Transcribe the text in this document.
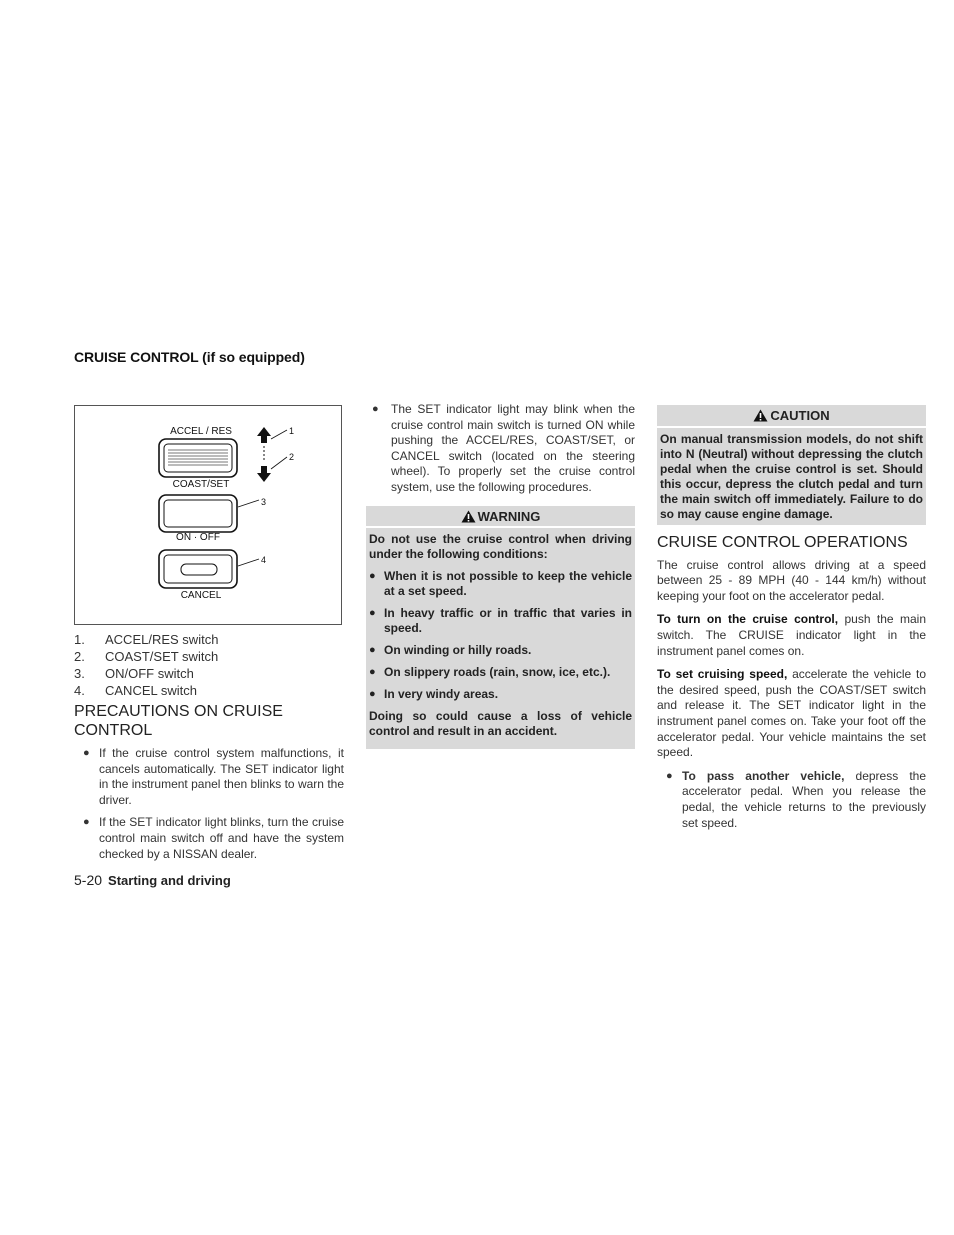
CRUISE CONTROL (if so equipped)
ACCEL / RES
COAST/SET
1
2
3
ON · OFF
4
CANCEL
1.	ACCEL/RES switch
2.	COAST/SET switch
3.	ON/OFF switch
4.	CANCEL switch
PRECAUTIONS ON CRUISE CONTROL
● If the cruise control system malfunctions, it cancels automatically. The SET indicator light in the instrument panel then blinks to warn the driver.
● If the SET indicator light blinks, turn the cruise control main switch off and have the system checked by a NISSAN dealer.
● The SET indicator light may blink when the cruise control main switch is turned ON while pushing the ACCEL/RES, COAST/SET, or CANCEL switch (located on the steering wheel). To properly set the cruise control system, use the following procedures.
WARNING

Do not use the cruise control when driving under the following conditions:

● When it is not possible to keep the vehicle at a set speed.
● In heavy traffic or in traffic that varies in speed.
● On winding or hilly roads.
● On slippery roads (rain, snow, ice, etc.).
● In very windy areas.

Doing so could cause a loss of vehicle control and result in an accident.

CAUTION

On manual transmission models, do not shift into N (Neutral) without depressing the clutch pedal when the cruise control is set. Should this occur, depress the clutch pedal and turn the main switch off immediately. Failure to do so may cause engine damage.

CRUISE CONTROL OPERATIONS

The cruise control allows driving at a speed between 25 - 89 MPH (40 - 144 km/h) without keeping your foot on the accelerator pedal.

To turn on the cruise control, push the main switch. The CRUISE indicator light in the instrument panel comes on.

To set cruising speed, accelerate the vehicle to the desired speed, push the COAST/SET switch and release it. The SET indicator light in the instrument panel comes on. Take your foot off the accelerator pedal. Your vehicle maintains the set speed.

● To pass another vehicle, depress the accelerator pedal. When you release the pedal, the vehicle returns to the previously set speed.
5-20 Starting and driving
